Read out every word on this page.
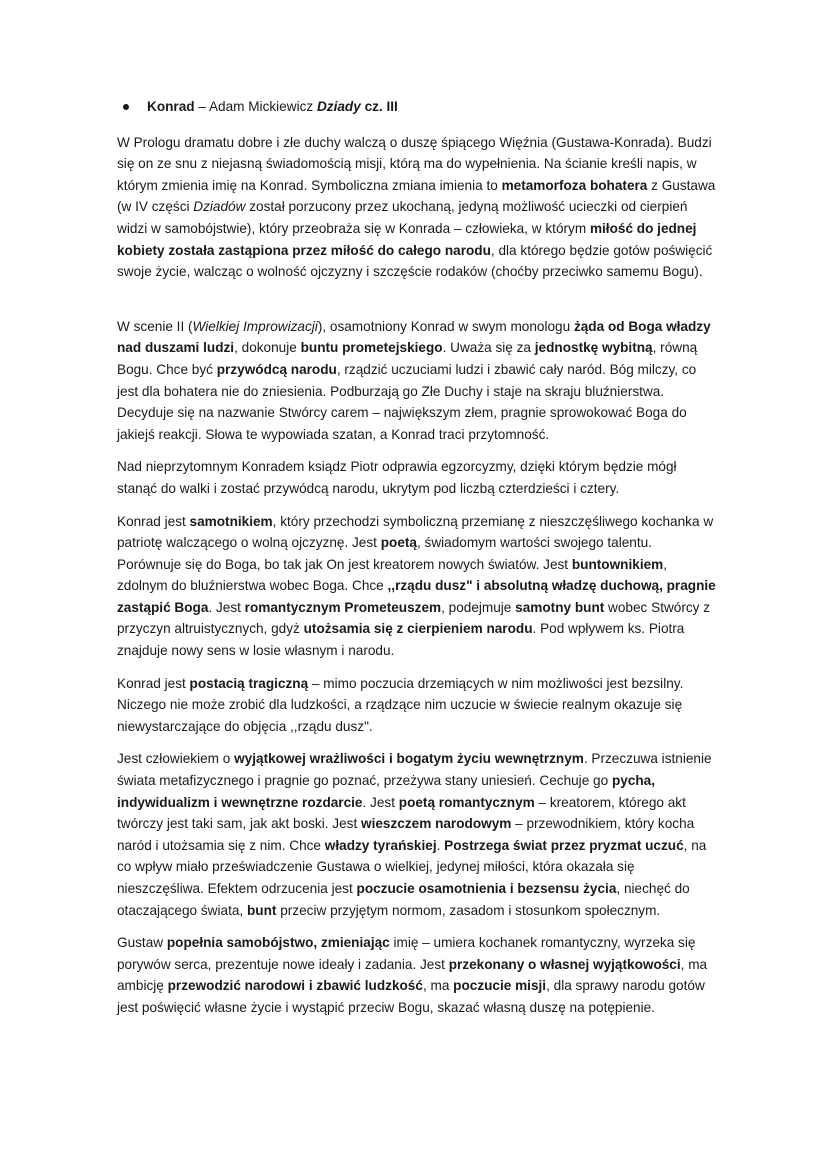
Konrad – Adam Mickiewicz Dziady cz. III

W Prologu dramatu dobre i złe duchy walczą o duszę śpiącego Więźnia (Gustawa-Konrada). Budzi się on ze snu z niejasną świadomością misji, którą ma do wypełnienia. Na ścianie kreśli napis, w którym zmienia imię na Konrad. Symboliczna zmiana imienia to metamorfoza bohatera z Gustawa (w IV części Dziadów został porzucony przez ukochaną, jedyną możliwość ucieczki od cierpień widzi w samobójstwie), który przeobraża się w Konrada – człowieka, w którym miłość do jednej kobiety została zastąpiona przez miłość do całego narodu, dla którego będzie gotów poświęcić swoje życie, walcząc o wolność ojczyzny i szczęście rodaków (choćby przeciwko samemu Bogu).

W scenie II (Wielkiej Improwizacji), osamotniony Konrad w swym monologu żąda od Boga władzy nad duszami ludzi, dokonuje buntu prometejskiego. Uważa się za jednostkę wybitną, równą Bogu. Chce być przywódcą narodu, rządzić uczuciami ludzi i zbawić cały naród. Bóg milczy, co jest dla bohatera nie do zniesienia. Podburzają go Złe Duchy i staje na skraju bluźnierstwa. Decyduje się na nazwanie Stwórcy carem – największym złem, pragnie sprowokować Boga do jakiejś reakcji. Słowa te wypowiada szatan, a Konrad traci przytomność.

Nad nieprzytomnym Konradem ksiądz Piotr odprawia egzorcyzmy, dzięki którym będzie mógł stanąć do walki i zostać przywódcą narodu, ukrytym pod liczbą czterdzieści i cztery.

Konrad jest samotnikiem, który przechodzi symboliczną przemianę z nieszczęśliwego kochanka w patriotę walczącego o wolną ojczyznę. Jest poetą, świadomym wartości swojego talentu. Porównuje się do Boga, bo tak jak On jest kreatorem nowych światów. Jest buntownikiem, zdolnym do bluźnierstwa wobec Boga. Chce ,,rządu dusz" i absolutną władzę duchową, pragnie zastąpić Boga. Jest romantycznym Prometeuszem, podejmuje samotny bunt wobec Stwórcy z przyczyn altruistycznych, gdyż utożsamia się z cierpieniem narodu. Pod wpływem ks. Piotra znajduje nowy sens w losie własnym i narodu.

Konrad jest postacią tragiczną – mimo poczucia drzemiących w nim możliwości jest bezsilny. Niczego nie może zrobić dla ludzkości, a rządzące nim uczucie w świecie realnym okazuje się niewystarczające do objęcia ,,rządu dusz".

Jest człowiekiem o wyjątkowej wrażliwości i bogatym życiu wewnętrznym. Przeczuwa istnienie świata metafizycznego i pragnie go poznać, przeżywa stany uniesień. Cechuje go pycha, indywidualizm i wewnętrzne rozdarcie. Jest poetą romantycznym – kreatorem, którego akt twórczy jest taki sam, jak akt boski. Jest wieszczem narodowym – przewodnikiem, który kocha naród i utożsamia się z nim. Chce władzy tyrańskiej. Postrzega świat przez pryzmat uczuć, na co wpływ miało przeświadczenie Gustawa o wielkiej, jedynej miłości, która okazała się nieszczęśliwa. Efektem odrzucenia jest poczucie osamotnienia i bezsensu życia, niechęć do otaczającego świata, bunt przeciw przyjętym normom, zasadom i stosunkom społecznym.

Gustaw popełnia samobójstwo, zmieniając imię – umiera kochanek romantyczny, wyrzeka się porywów serca, prezentuje nowe ideały i zadania. Jest przekonany o własnej wyjątkowości, ma ambicję przewodzić narodowi i zbawić ludzkość, ma poczucie misji, dla sprawy narodu gotów jest poświęcić własne życie i wystąpić przeciw Bogu, skazać własną duszę na potępienie.
